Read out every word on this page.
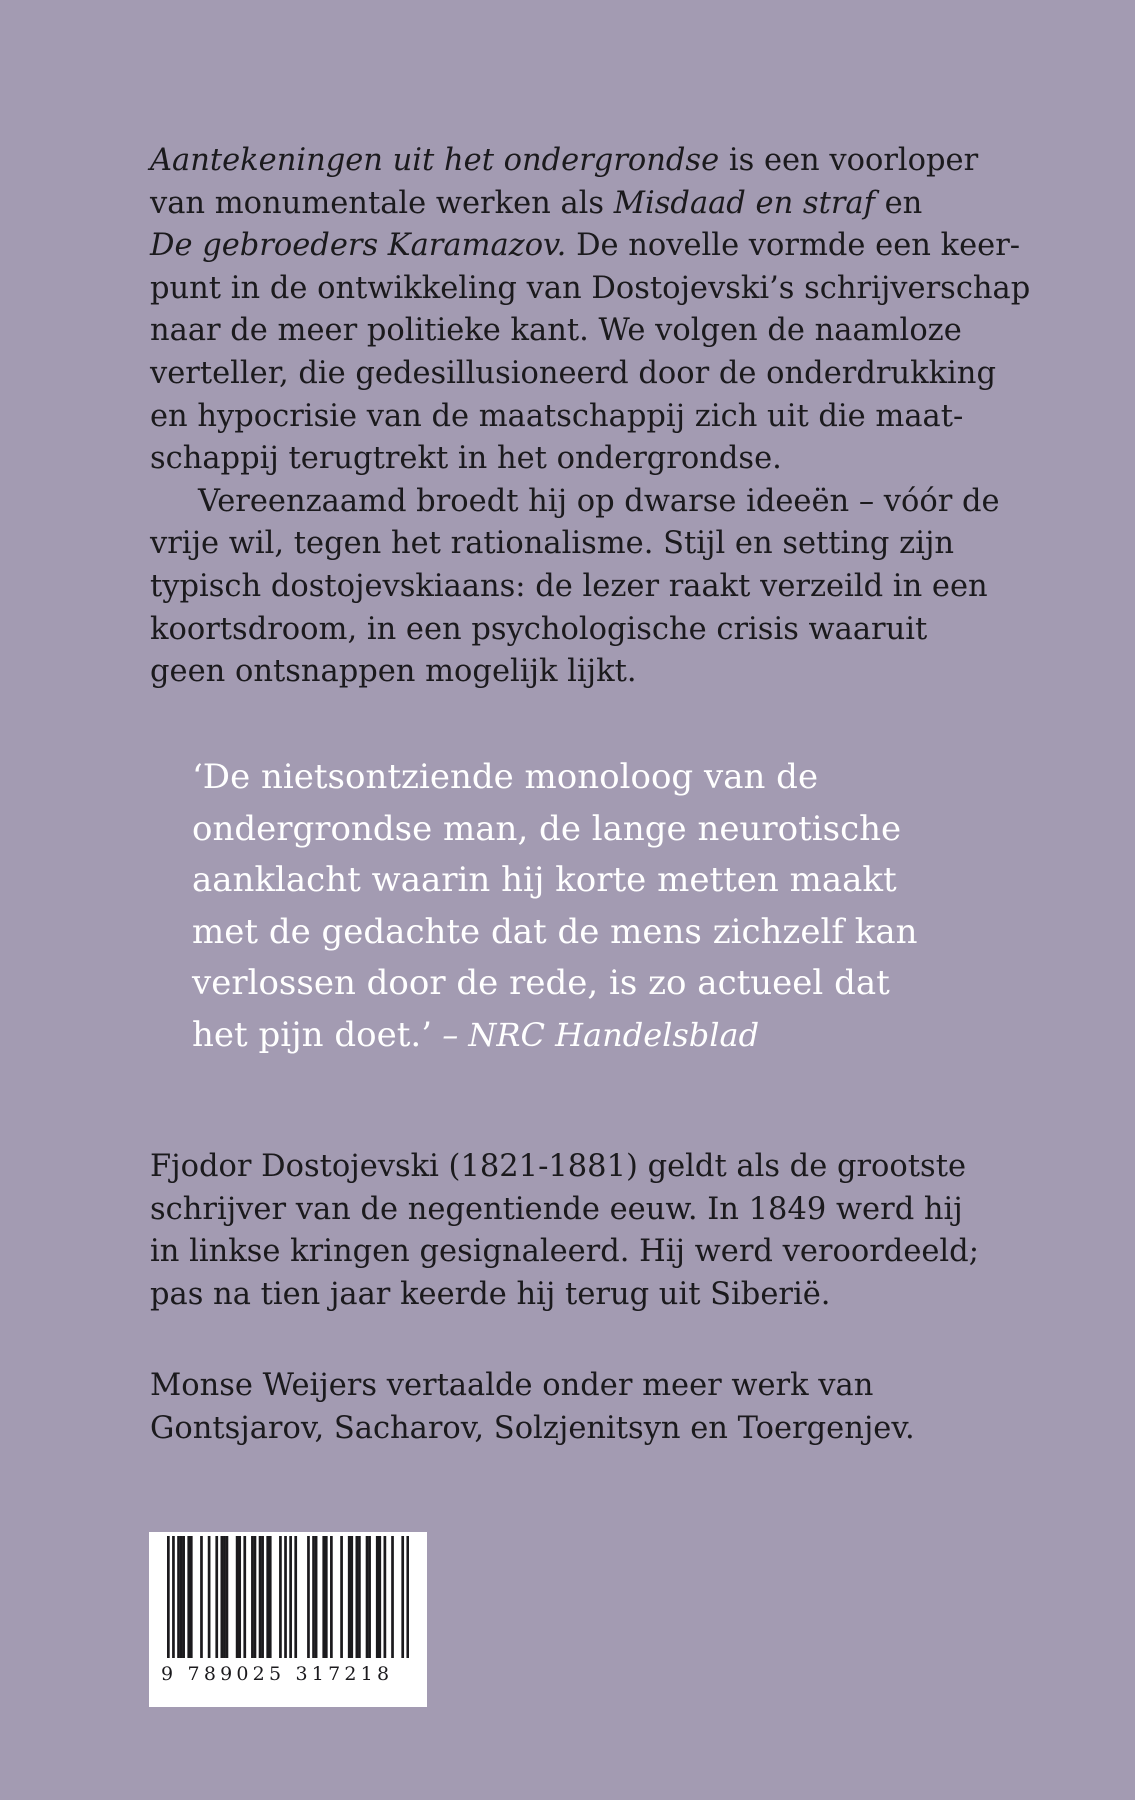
Aantekeningen uit het ondergrondse is een voorloper
van monumentale werken als Misdaad en straf en
De gebroeders Karamazov. De novelle vormde een keer-
punt in de ontwikkeling van Dostojevski’s schrijverschap
naar de meer politieke kant. We volgen de naamloze
verteller, die gedesillusioneerd door de onderdrukking
en hypocrisie van de maatschappij zich uit die maat-
schappij terugtrekt in het ondergrondse.

Vereenzaamd broedt hij op dwarse ideeën – vóór de
vrije wil, tegen het rationalisme. Stijl en setting zijn
typisch dostojevskiaans: de lezer raakt verzeild in een
koortsdroom, in een psychologische crisis waaruit
geen ontsnappen mogelijk lijkt.

‘De nietsontziende monoloog van de
ondergrondse man, de lange neurotische
aanklacht waarin hij korte metten maakt
met de gedachte dat de mens zichzelf kan
verlossen door de rede, is zo actueel dat
het pijn doet.’ – NRC Handelsblad
Fjodor Dostojevski (1821-1881) geldt als de grootste
schrijver van de negentiende eeuw. In 1849 werd hij
in linkse kringen gesignaleerd. Hij werd veroordeeld;
pas na tien jaar keerde hij terug uit Siberië.
Monse Weijers vertaalde onder meer werk van
Gontsjarov, Sacharov, Solzjenitsyn en Toergenjev.
9 789025 317218
